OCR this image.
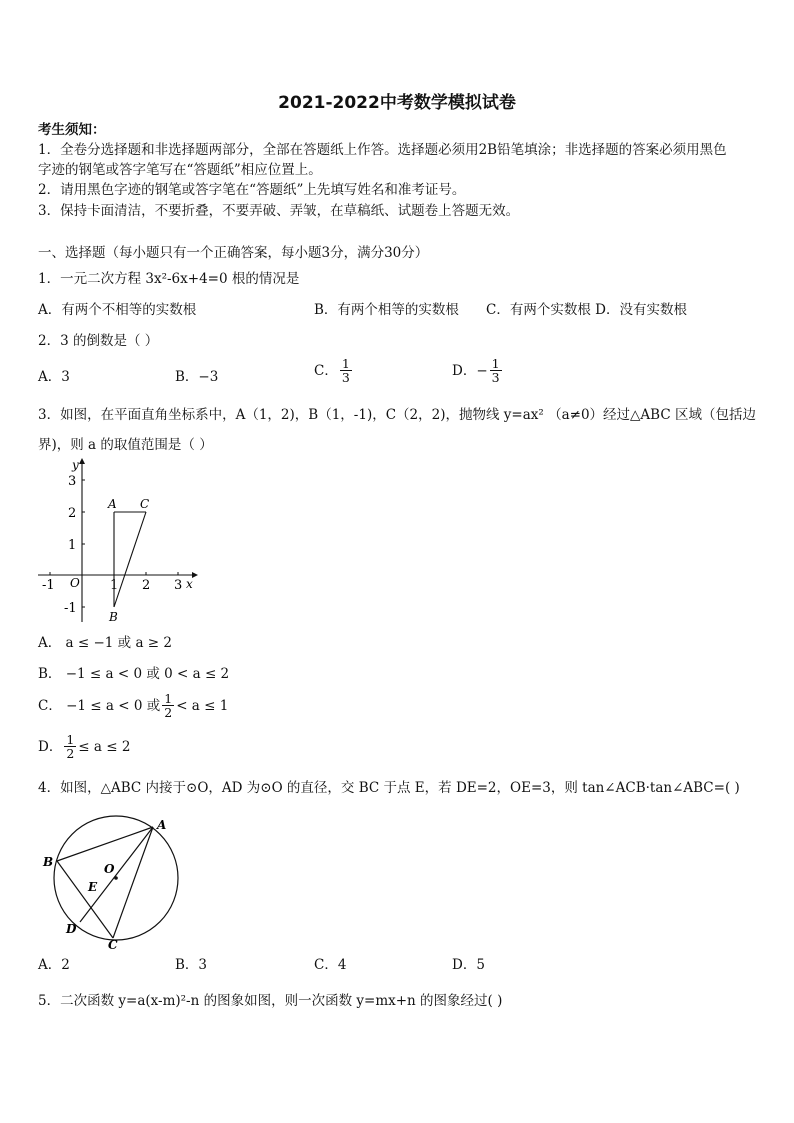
2021-2022中考数学模拟试卷
考生须知：
1．全卷分选择题和非选择题两部分，全部在答题纸上作答。选择题必须用2B铅笔填涂；非选择题的答案必须用黑色
字迹的钢笔或答字笔写在“答题纸”相应位置上。
2．请用黑色字迹的钢笔或答字笔在“答题纸”上先填写姓名和准考证号。
3．保持卡面清洁，不要折叠，不要弄破、弄皱，在草稿纸、试题卷上答题无效。
一、选择题（每小题只有一个正确答案，每小题3分，满分30分）
1．一元二次方程 3x²-6x+4=0 根的情况是
A．有两个不相等的实数根	B．有两个相等的实数根 C．有两个实数根 D．没有实数根
2．3 的倒数是（ ）
A．3	B．−3	C． $\frac{1}{3}$	D．− $\frac{1}{3}$
3．如图，在平面直角坐标系中，A（1，2)，B（1，-1)，C（2，2)，抛物线 y=ax² （a≠0）经过△ABC 区域（包括边
界)，则 a 的取值范围是（ ）
y
x
O
-1	1 2 3
3
2
1
-1
A C
B
A． a ≤ −1 或 a ≥ 2
B． −1 ≤ a < 0 或 0 < a ≤ 2
C． −1 ≤ a < 0 或 $\frac{1}{2} < a \le 1$
D． $\frac{1}{2} \le a \le 2$
4．如图，△ABC 内接于⊙O，AD 为⊙O 的直径，交 BC 于点 E，若 DE=2，OE=3，则 tan∠ACB·tan∠ABC=( )
A
B
C
D
E
O
A．2	B．3	C．4	D．5
5．二次函数 y=a(x-m)²-n 的图象如图，则一次函数 y=mx+n 的图象经过( )
